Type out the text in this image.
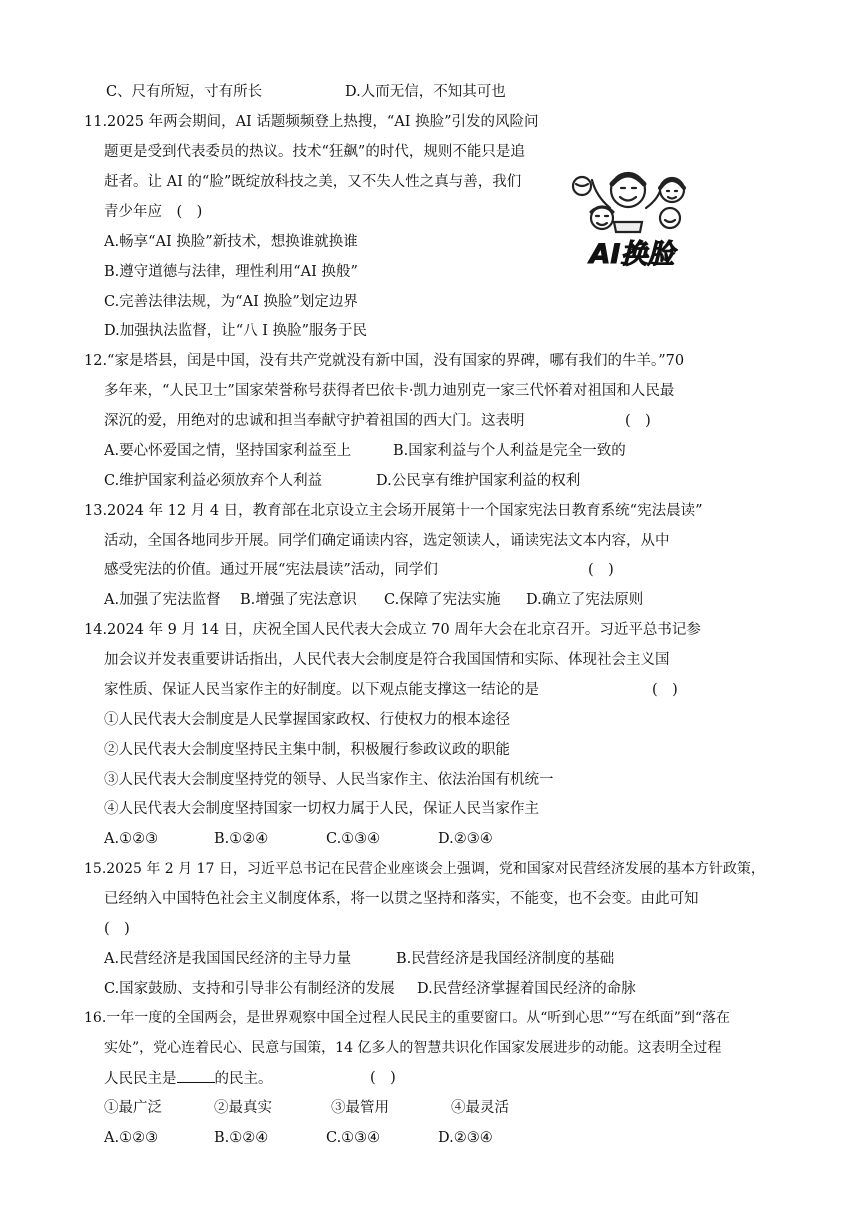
C、尺有所短，寸有所长	D.人而无信，不知其可也
11.2025 年两会期间，AI 话题频频登上热搜，“AI 换脸”引发的风险问
题更是受到代表委员的热议。技术“狂飙”的时代，规则不能只是追
赶者。让 AI 的“脸”既绽放科技之美，又不失人性之真与善，我们
青少年应　(　)
A.畅享“AI 换脸”新技术，想换谁就换谁
B.遵守道德与法律，理性利用“AI 换般”
C.完善法律法规，为“AI 换脸”划定边界
D.加强执法监督，让“八 I 换脸”服务于民
AI换脸
12.“家是塔县，闰是中国，没有共产党就没有新中国，没有国家的界碑，哪有我们的牛羊。”70
多年来，“人民卫士”国家荣誉称号获得者巴依卡·凯力迪别克一家三代怀着对祖国和人民最
深沉的爱，用绝对的忠诚和担当奉献守护着祖国的西大门。这表明	(　)
A.要心怀爱国之情，坚持国家利益至上	B.国家利益与个人利益是完全一致的
C.维护国家利益必须放弃个人利益	D.公民享有维护国家利益的权利
13.2024 年 12 月 4 日，教育部在北京设立主会场开展第十一个国家宪法日教育系统“宪法晨读”
活动，全国各地同步开展。同学们确定诵读内容，选定领读人，诵读宪法文本内容，从中
感受宪法的价值。通过开展“宪法晨读”活动，同学们	(　)
A.加强了宪法监督 B.增强了宪法意识 C.保障了宪法实施 D.确立了宪法原则
14.2024 年 9 月 14 日，庆祝全国人民代表大会成立 70 周年大会在北京召开。习近平总书记参
加会议并发表重要讲话指出，人民代表大会制度是符合我国国情和实际、体现社会主义国
家性质、保证人民当家作主的好制度。以下观点能支撑这一结论的是	(　)
①人民代表大会制度是人民掌握国家政权、行使权力的根本途径
②人民代表大会制度坚持民主集中制，积极履行参政议政的职能
③人民代表大会制度坚持党的领导、人民当家作主、依法治国有机统一
④人民代表大会制度坚持国家一切权力属于人民，保证人民当家作主
A.①②③	B.①②④	C.①③④	D.②③④
15.2025 年 2 月 17 日，习近平总书记在民营企业座谈会上强调，党和国家对民营经济发展的基本方针政策，
已经纳入中国特色社会主义制度体系，将一以贯之坚持和落实，不能变，也不会变。由此可知
(　)
A.民营经济是我国国民经济的主导力量	B.民营经济是我国经济制度的基础
C.国家鼓励、支持和引导非公有制经济的发展 D.民营经济掌握着国民经济的命脉
16.一年一度的全国两会，是世界观察中国全过程人民民主的重要窗口。从“听到心思”“写在纸面”到“落在
实处”，党心连着民心、民意与国策，14 亿多人的智慧共识化作国家发展进步的动能。这表明全过程
人民民主是	的民主。	(　)
①最广泛	②最真实	③最管用	④最灵活
A.①②③	B.①②④	C.①③④	D.②③④
